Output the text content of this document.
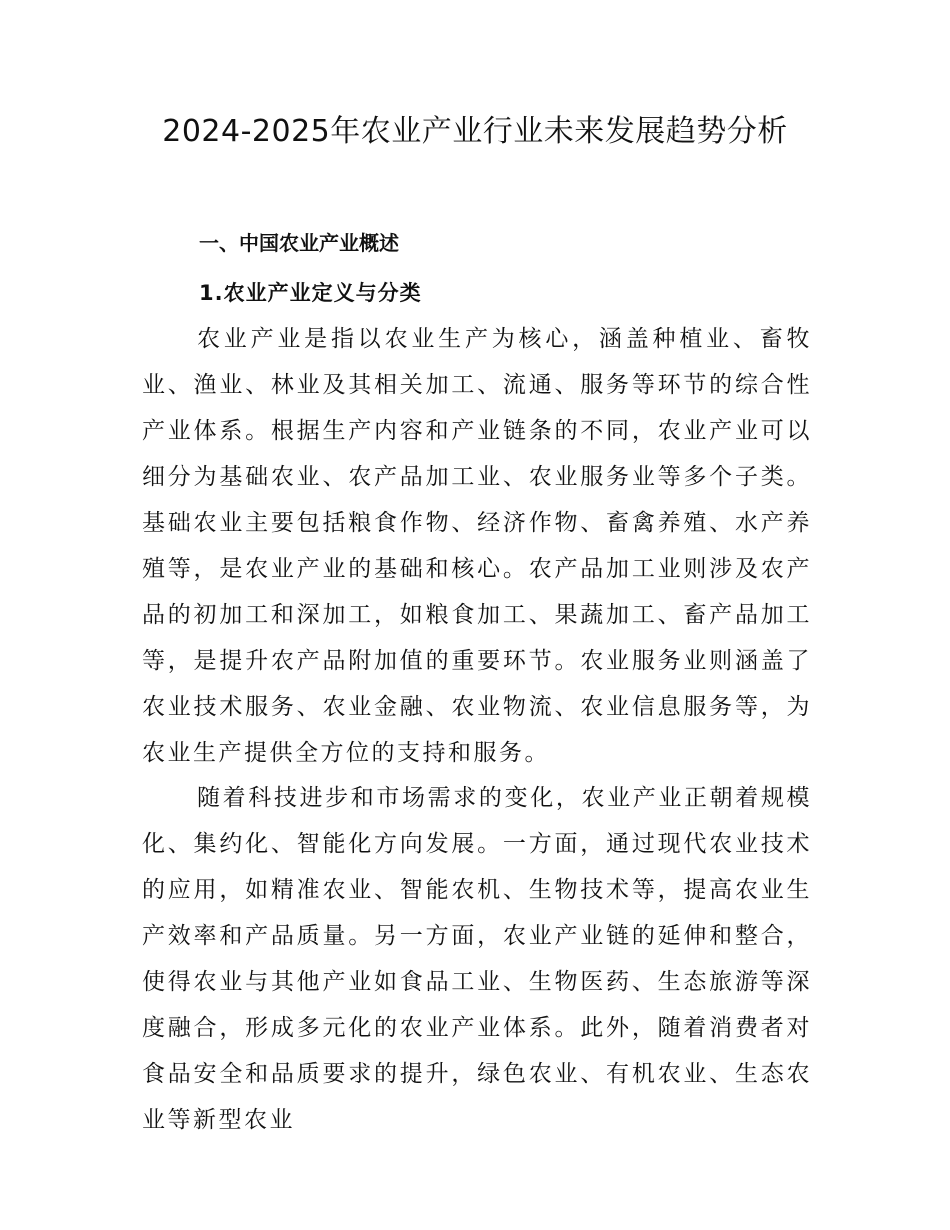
2024-2025年农业产业行业未来发展趋势分析
一、中国农业产业概述
1.农业产业定义与分类

农业产业是指以农业生产为核心，涵盖种植业、畜牧业、渔业、林业及其相关加工、流通、服务等环节的综合性产业体系。根据生产内容和产业链条的不同，农业产业可以细分为基础农业、农产品加工业、农业服务业等多个子类。基础农业主要包括粮食作物、经济作物、畜禽养殖、水产养殖等，是农业产业的基础和核心。农产品加工业则涉及农产品的初加工和深加工，如粮食加工、果蔬加工、畜产品加工等，是提升农产品附加值的重要环节。农业服务业则涵盖了农业技术服务、农业金融、农业物流、农业信息服务等，为农业生产提供全方位的支持和服务。

随着科技进步和市场需求的变化，农业产业正朝着规模化、集约化、智能化方向发展。一方面，通过现代农业技术的应用，如精准农业、智能农机、生物技术等，提高农业生产效率和产品质量。另一方面，农业产业链的延伸和整合，使得农业与其他产业如食品工业、生物医药、生态旅游等深度融合，形成多元化的农业产业体系。此外，随着消费者对食品安全和品质要求的提升，绿色农业、有机农业、生态农业等新型农业
